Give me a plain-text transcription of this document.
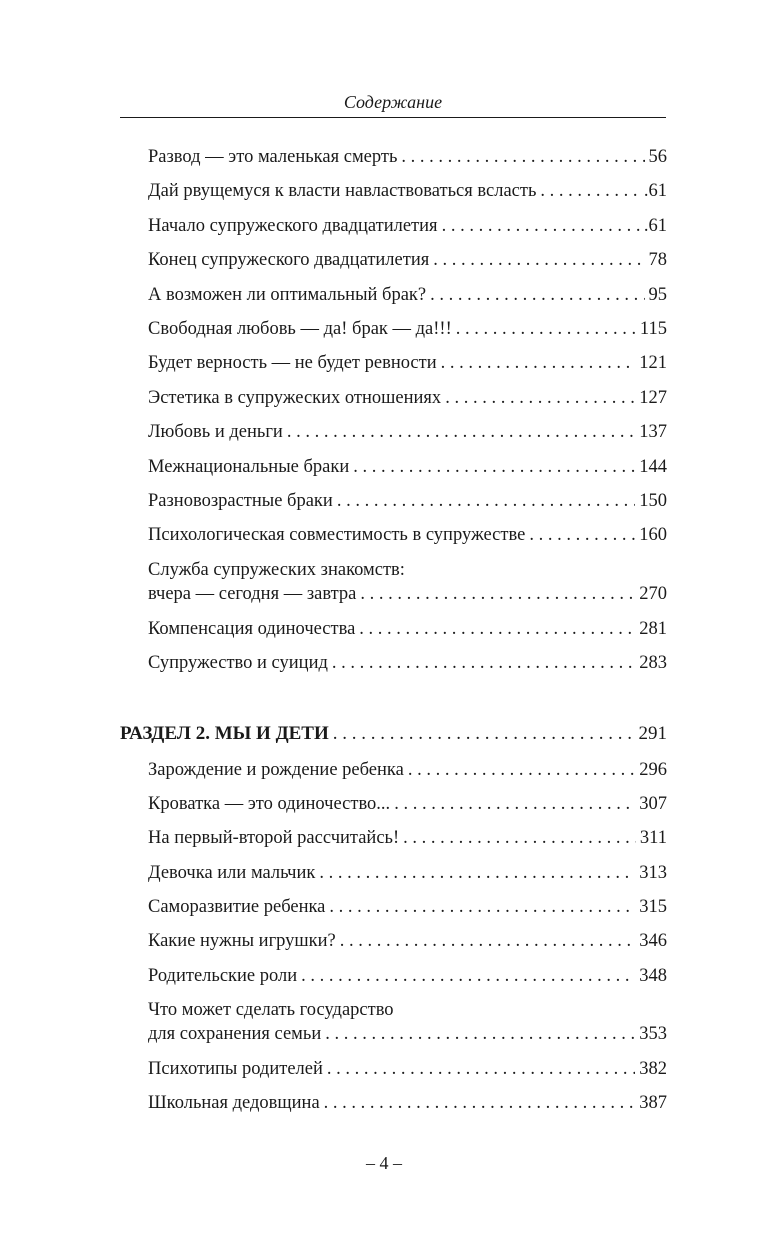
Содержание
Развод — это маленькая смерть . . .	56
Дай рвущемуся к власти навластвоваться всласть . . .	.61
Начало супружеского двадцатилетия . . .	.61
Конец супружеского двадцатилетия . . .	78
А возможен ли оптимальный брак? . . .	95
Свободная любовь — да! брак — да!!! . . .	115
Будет верность — не будет ревности . . .	121
Эстетика в супружеских отношениях . . .	127
Любовь и деньги . . .	137
Межнациональные браки . . .	144
Разновозрастные браки . . .	150
Психологическая совместимость в супружестве . . .	160
Служба супружеских знакомств:
вчера — сегодня — завтра . . .	270
Компенсация одиночества . . .	281
Супружество и суицид . . .	283
РАЗДЕЛ 2. МЫ И ДЕТИ . . .	291
Зарождение и рождение ребенка . . .	296
Кроватка — это одиночество... . . .	307
На первый-второй рассчитайсь! . . .	311
Девочка или мальчик . . .	313
Саморазвитие ребенка . . .	315
Какие нужны игрушки? . . .	346
Родительские роли . . .	348
Что может сделать государство
для сохранения семьи . . .	353
Психотипы родителей . . .	382
Школьная дедовщина . . .	387
– 4 –
